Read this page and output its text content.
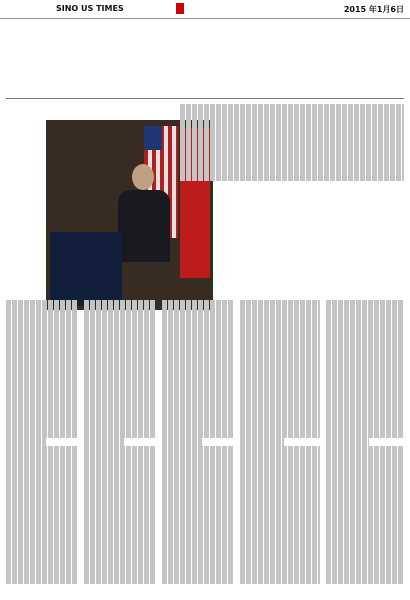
SINO US TIMES	2015 年1月6日
